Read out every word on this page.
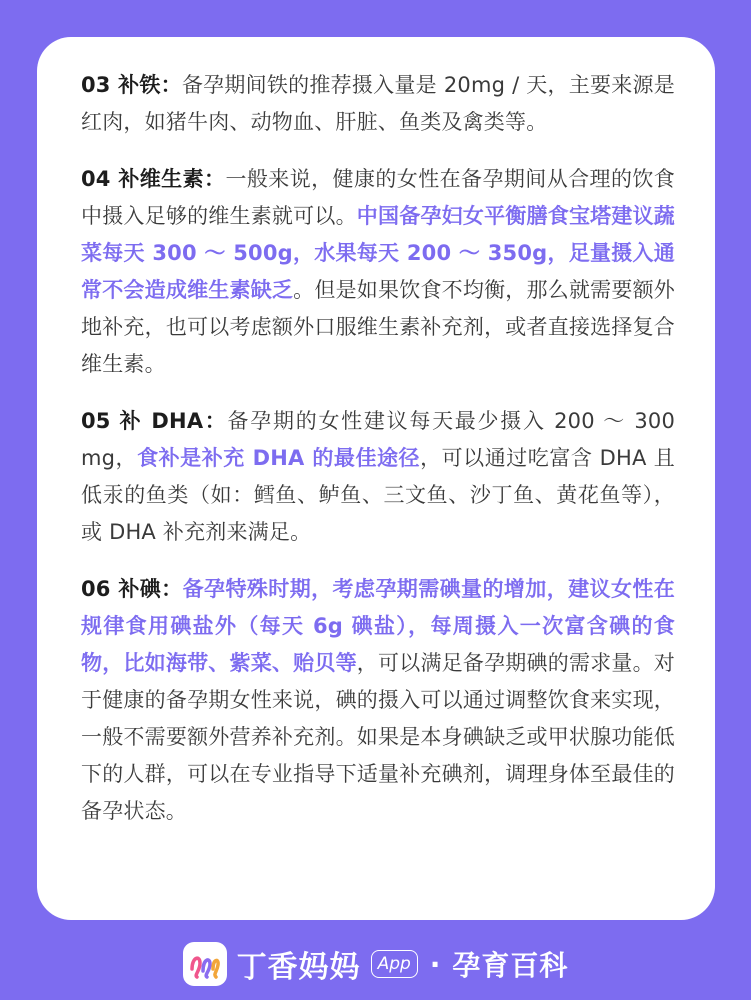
03 补铁：备孕期间铁的推荐摄入量是 20mg / 天，主要来源是红肉，如猪牛肉、动物血、肝脏、鱼类及禽类等。

04 补维生素：一般来说，健康的女性在备孕期间从合理的饮食中摄入足够的维生素就可以。中国备孕妇女平衡膳食宝塔建议蔬菜每天 300 ～ 500g，水果每天 200 ～ 350g，足量摄入通常不会造成维生素缺乏。但是如果饮食不均衡，那么就需要额外地补充，也可以考虑额外口服维生素补充剂，或者直接选择复合维生素。

05 补 DHA：备孕期的女性建议每天最少摄入 200 ～ 300 mg，食补是补充 DHA 的最佳途径，可以通过吃富含 DHA 且低汞的鱼类（如：鳕鱼、鲈鱼、三文鱼、沙丁鱼、黄花鱼等），或 DHA 补充剂来满足。

06 补碘：备孕特殊时期，考虑孕期需碘量的增加，建议女性在规律食用碘盐外（每天 6g 碘盐），每周摄入一次富含碘的食物，比如海带、紫菜、贻贝等，可以满足备孕期碘的需求量。对于健康的备孕期女性来说，碘的摄入可以通过调整饮食来实现，一般不需要额外营养补充剂。如果是本身碘缺乏或甲状腺功能低下的人群，可以在专业指导下适量补充碘剂，调理身体至最佳的备孕状态。

丁香妈妈	App · 孕育百科
